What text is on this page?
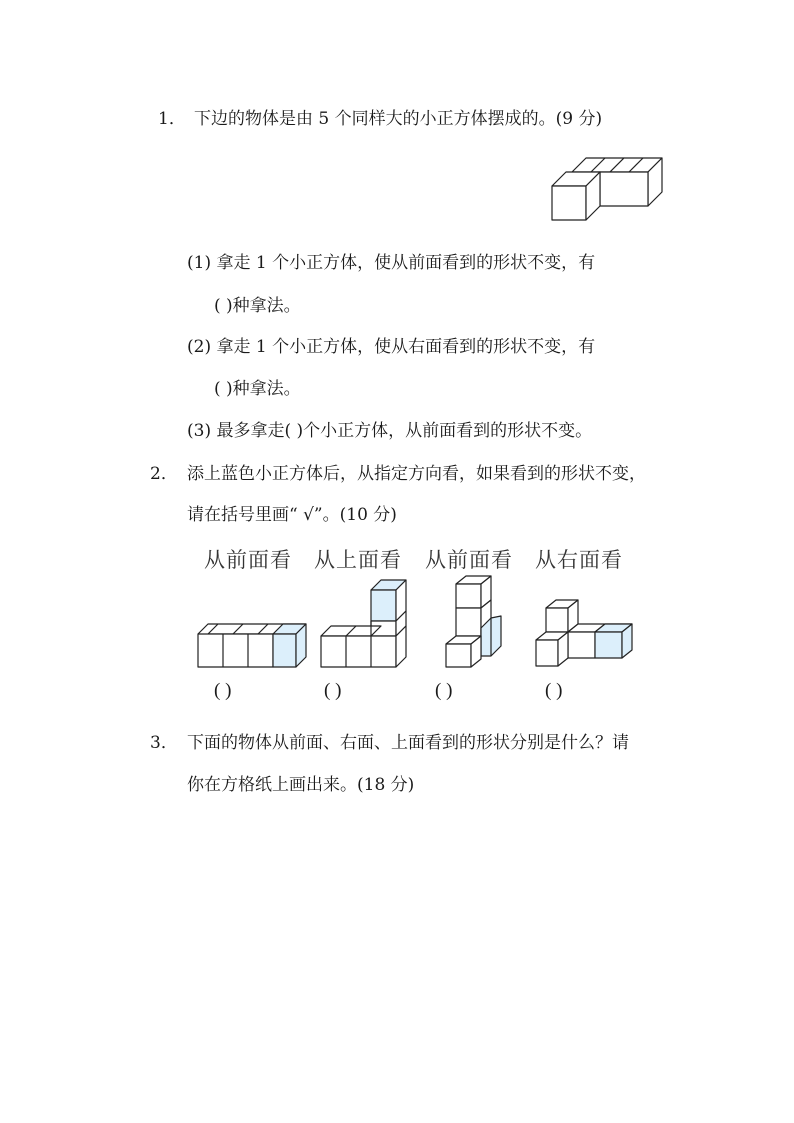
1． 下边的物体是由 5 个同样大的小正方体摆成的。(9 分)
(1) 拿走 1 个小正方体，使从前面看到的形状不变，有
( )种拿法。
(2) 拿走 1 个小正方体，使从右面看到的形状不变，有
( )种拿法。
(3) 最多拿走( )个小正方体，从前面看到的形状不变。
2． 添上蓝色小正方体后，从指定方向看，如果看到的形状不变，
请在括号里画“ √”。(10 分)
从前面看 从上面看 从前面看 从右面看
( )	( )	( )	( )
3． 下面的物体从前面、右面、上面看到的形状分别是什么？请
你在方格纸上画出来。(18 分)
